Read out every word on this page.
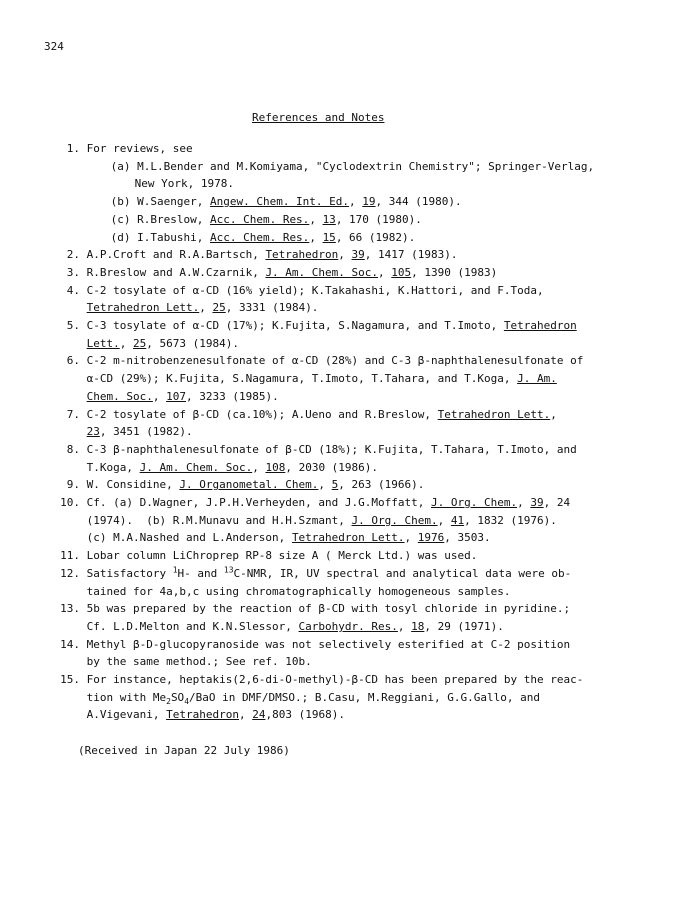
324
References and Notes
1. For reviews, see
(a) M.L.Bender and M.Komiyama, "Cyclodextrin Chemistry"; Springer-Verlag,
New York, 1978.
(b) W.Saenger, Angew. Chem. Int. Ed., 19, 344 (1980).
(c) R.Breslow, Acc. Chem. Res., 13, 170 (1980).
(d) I.Tabushi, Acc. Chem. Res., 15, 66 (1982).
2. A.P.Croft and R.A.Bartsch, Tetrahedron, 39, 1417 (1983).
3. R.Breslow and A.W.Czarnik, J. Am. Chem. Soc., 105, 1390 (1983)
4. C-2 tosylate of α-CD (16% yield); K.Takahashi, K.Hattori, and F.Toda,
Tetrahedron Lett., 25, 3331 (1984).
5. C-3 tosylate of α-CD (17%); K.Fujita, S.Nagamura, and T.Imoto, Tetrahedron
Lett., 25, 5673 (1984).
6. C-2 m-nitrobenzenesulfonate of α-CD (28%) and C-3 β-naphthalenesulfonate of
α-CD (29%); K.Fujita, S.Nagamura, T.Imoto, T.Tahara, and T.Koga, J. Am.
Chem. Soc., 107, 3233 (1985).
7. C-2 tosylate of β-CD (ca.10%); A.Ueno and R.Breslow, Tetrahedron Lett.,
23, 3451 (1982).
8. C-3 β-naphthalenesulfonate of β-CD (18%); K.Fujita, T.Tahara, T.Imoto, and
T.Koga, J. Am. Chem. Soc., 108, 2030 (1986).
9. W. Considine, J. Organometal. Chem., 5, 263 (1966).
10. Cf. (a) D.Wagner, J.P.H.Verheyden, and J.G.Moffatt, J. Org. Chem., 39, 24
(1974).  (b) R.M.Munavu and H.H.Szmant, J. Org. Chem., 41, 1832 (1976).
(c) M.A.Nashed and L.Anderson, Tetrahedron Lett., 1976, 3503.
11. Lobar column LiChroprep RP-8 size A ( Merck Ltd.) was used.
12. Satisfactory $^1$H- and $^{13}$C-NMR, IR, UV spectral and analytical data were ob-
tained for 4a,b,c using chromatographically homogeneous samples.
13. 5b was prepared by the reaction of β-CD with tosyl chloride in pyridine.;
Cf. L.D.Melton and K.N.Slessor, Carbohydr. Res., 18, 29 (1971).
14. Methyl β-D-glucopyranoside was not selectively esterified at C-2 position
by the same method.; See ref. 10b.
15. For instance, heptakis(2,6-di-O-methyl)-β-CD has been prepared by the reac-
tion with $Me_2SO_4$/BaO in DMF/DMSO.; B.Casu, M.Reggiani, G.G.Gallo, and
A.Vigevani, Tetrahedron, 24,803 (1968).
(Received in Japan 22 July 1986)
